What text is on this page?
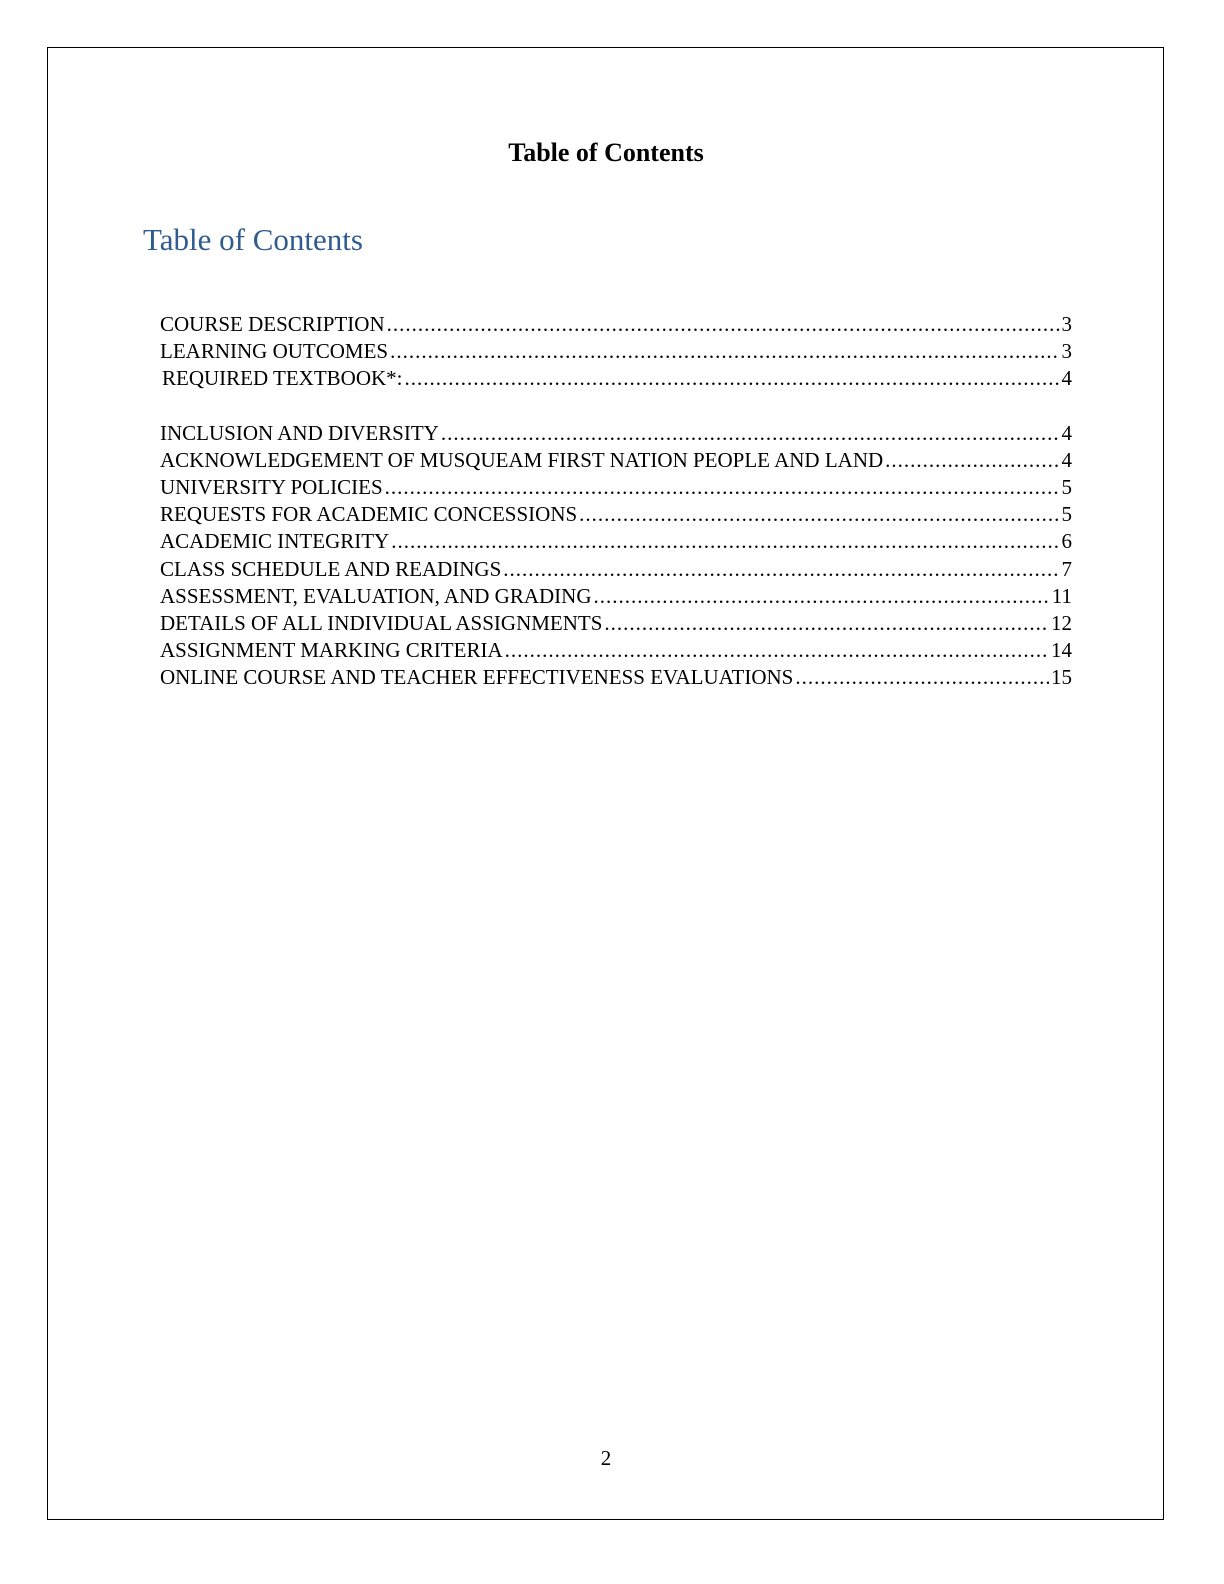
Table of Contents
Table of Contents
COURSE DESCRIPTION .....	3
LEARNING OUTCOMES .....	3
REQUIRED TEXTBOOK*: .....	4
INCLUSION AND DIVERSITY .....	4
ACKNOWLEDGEMENT OF MUSQUEAM FIRST NATION PEOPLE AND LAND .....	4
UNIVERSITY POLICIES .....	5
REQUESTS FOR ACADEMIC CONCESSIONS .....	5
ACADEMIC INTEGRITY .....	6
CLASS SCHEDULE AND READINGS .....	7
ASSESSMENT, EVALUATION, AND GRADING .....	11
DETAILS OF ALL INDIVIDUAL ASSIGNMENTS .....	12
ASSIGNMENT MARKING CRITERIA .....	14
ONLINE COURSE AND TEACHER EFFECTIVENESS EVALUATIONS .....	15
2
